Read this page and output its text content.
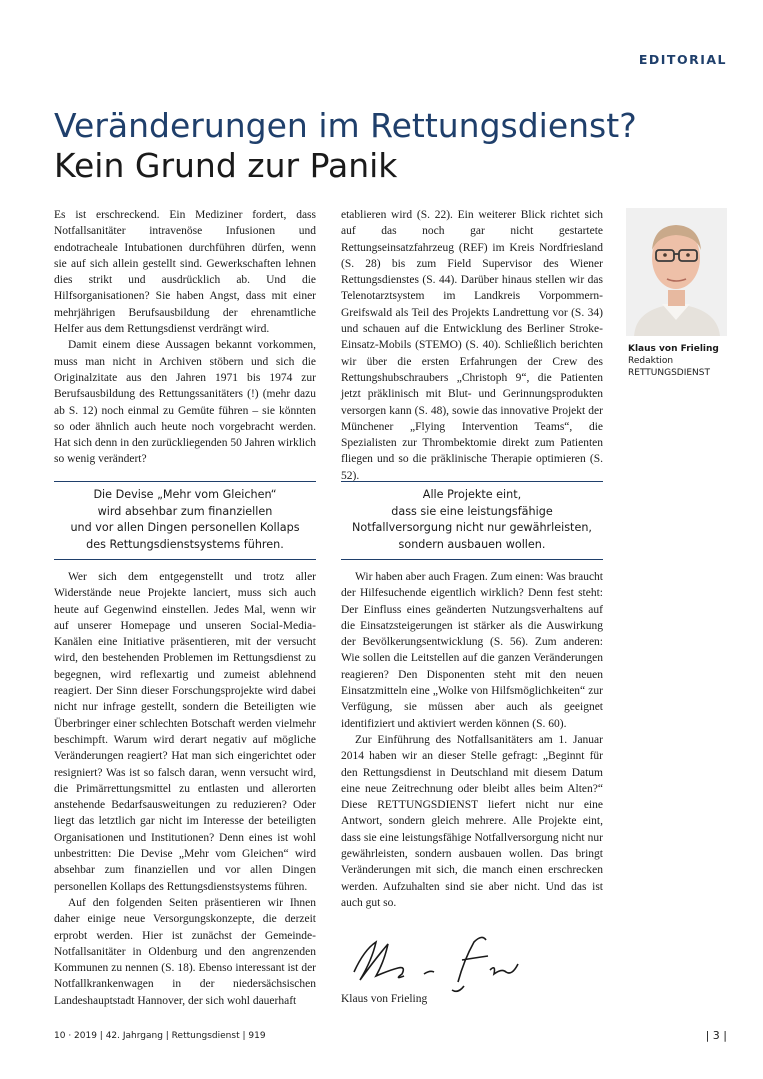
EDITORIAL
Veränderungen im Rettungsdienst?
Kein Grund zur Panik

Es ist erschreckend. Ein Mediziner fordert, dass Notfallsanitäter intravenöse Infusionen und endotracheale Intubationen durchführen dürfen, wenn sie auf sich allein gestellt sind. Gewerkschaften lehnen dies strikt und ausdrücklich ab. Und die Hilfsorganisationen? Sie haben Angst, dass mit einer mehrjährigen Berufsausbildung der ehrenamtliche Helfer aus dem Rettungsdienst verdrängt wird.

Damit einem diese Aussagen bekannt vorkommen, muss man nicht in Archiven stöbern und sich die Originalzitate aus den Jahren 1971 bis 1974 zur Berufsausbildung des Rettungssanitäters (!) (mehr dazu ab S. 12) noch einmal zu Gemüte führen – sie könnten so oder ähnlich auch heute noch vorgebracht werden. Hat sich denn in den zurückliegenden 50 Jahren wirklich so wenig verändert?

etablieren wird (S. 22). Ein weiterer Blick richtet sich auf das noch gar nicht gestartete Rettungseinsatzfahrzeug (REF) im Kreis Nordfriesland (S. 28) bis zum Field Supervisor des Wiener Rettungsdienstes (S. 44). Darüber hinaus stellen wir das Telenotarztsystem im Landkreis Vorpommern-Greifswald als Teil des Projekts Landrettung vor (S. 34) und schauen auf die Entwicklung des Berliner Stroke-Einsatz-Mobils (STEMO) (S. 40). Schließlich berichten wir über die ersten Erfahrungen der Crew des Rettungshubschraubers „Christoph 9“, die Patienten jetzt präklinisch mit Blut- und Gerinnungsprodukten versorgen kann (S. 48), sowie das innovative Projekt der Münchener „Flying Intervention Teams“, die Spezialisten zur Thrombektomie direkt zum Patienten fliegen und so die präklinische Therapie optimieren (S. 52).

Die Devise „Mehr vom Gleichen“
wird absehbar zum finanziellen
und vor allen Dingen personellen Kollaps
des Rettungsdienstsystems führen.
Alle Projekte eint,
dass sie eine leistungsfähige
Notfallversorgung nicht nur gewährleisten,
sondern ausbauen wollen.

Wer sich dem entgegenstellt und trotz aller Widerstände neue Projekte lanciert, muss sich auch heute auf Gegenwind einstellen. Jedes Mal, wenn wir auf unserer Homepage und unseren Social-Media-Kanälen eine Initiative präsentieren, mit der versucht wird, den bestehenden Problemen im Rettungsdienst zu begegnen, wird reflexartig und zumeist ablehnend reagiert. Der Sinn dieser Forschungsprojekte wird dabei nicht nur infrage gestellt, sondern die Beteiligten wie Überbringer einer schlechten Botschaft werden vielmehr beschimpft. Warum wird derart negativ auf mögliche Veränderungen reagiert? Hat man sich eingerichtet oder resigniert? Was ist so falsch daran, wenn versucht wird, die Primärrettungsmittel zu entlasten und allerorten anstehende Bedarfsausweitungen zu reduzieren? Oder liegt das letztlich gar nicht im Interesse der beteiligten Organisationen und Institutionen? Denn eines ist wohl unbestritten: Die Devise „Mehr vom Gleichen“ wird absehbar zum finanziellen und vor allen Dingen personellen Kollaps des Rettungsdienstsystems führen.

Auf den folgenden Seiten präsentieren wir Ihnen daher einige neue Versorgungskonzepte, die derzeit erprobt werden. Hier ist zunächst der Gemeinde-Notfallsanitäter in Oldenburg und den angrenzenden Kommunen zu nennen (S. 18). Ebenso interessant ist der Notfallkrankenwagen in der niedersächsischen Landeshauptstadt Hannover, der sich wohl dauerhaft

Wir haben aber auch Fragen. Zum einen: Was braucht der Hilfesuchende eigentlich wirklich? Denn fest steht: Der Einfluss eines geänderten Nutzungsverhaltens auf die Einsatzsteigerungen ist stärker als die Auswirkung der Bevölkerungsentwicklung (S. 56). Zum anderen: Wie sollen die Leitstellen auf die ganzen Veränderungen reagieren? Den Disponenten steht mit den neuen Einsatzmitteln eine „Wolke von Hilfsmöglichkeiten“ zur Verfügung, sie müssen aber auch als geeignet identifiziert und aktiviert werden können (S. 60).

Zur Einführung des Notfallsanitäters am 1. Januar 2014 haben wir an dieser Stelle gefragt: „Beginnt für den Rettungsdienst in Deutschland mit diesem Datum eine neue Zeitrechnung oder bleibt alles beim Alten?“ Diese RETTUNGSDIENST liefert nicht nur eine Antwort, sondern gleich mehrere. Alle Projekte eint, dass sie eine leistungsfähige Notfallversorgung nicht nur gewährleisten, sondern ausbauen wollen. Das bringt Veränderungen mit sich, die manch einen erschrecken werden. Aufzuhalten sind sie aber nicht. Und das ist auch gut so.

Klaus von Frieling
Redaktion
RETTUNGSDIENST
Klaus von Frieling
10 · 2019 | 42. Jahrgang | Rettungsdienst | 919	| 3 |
